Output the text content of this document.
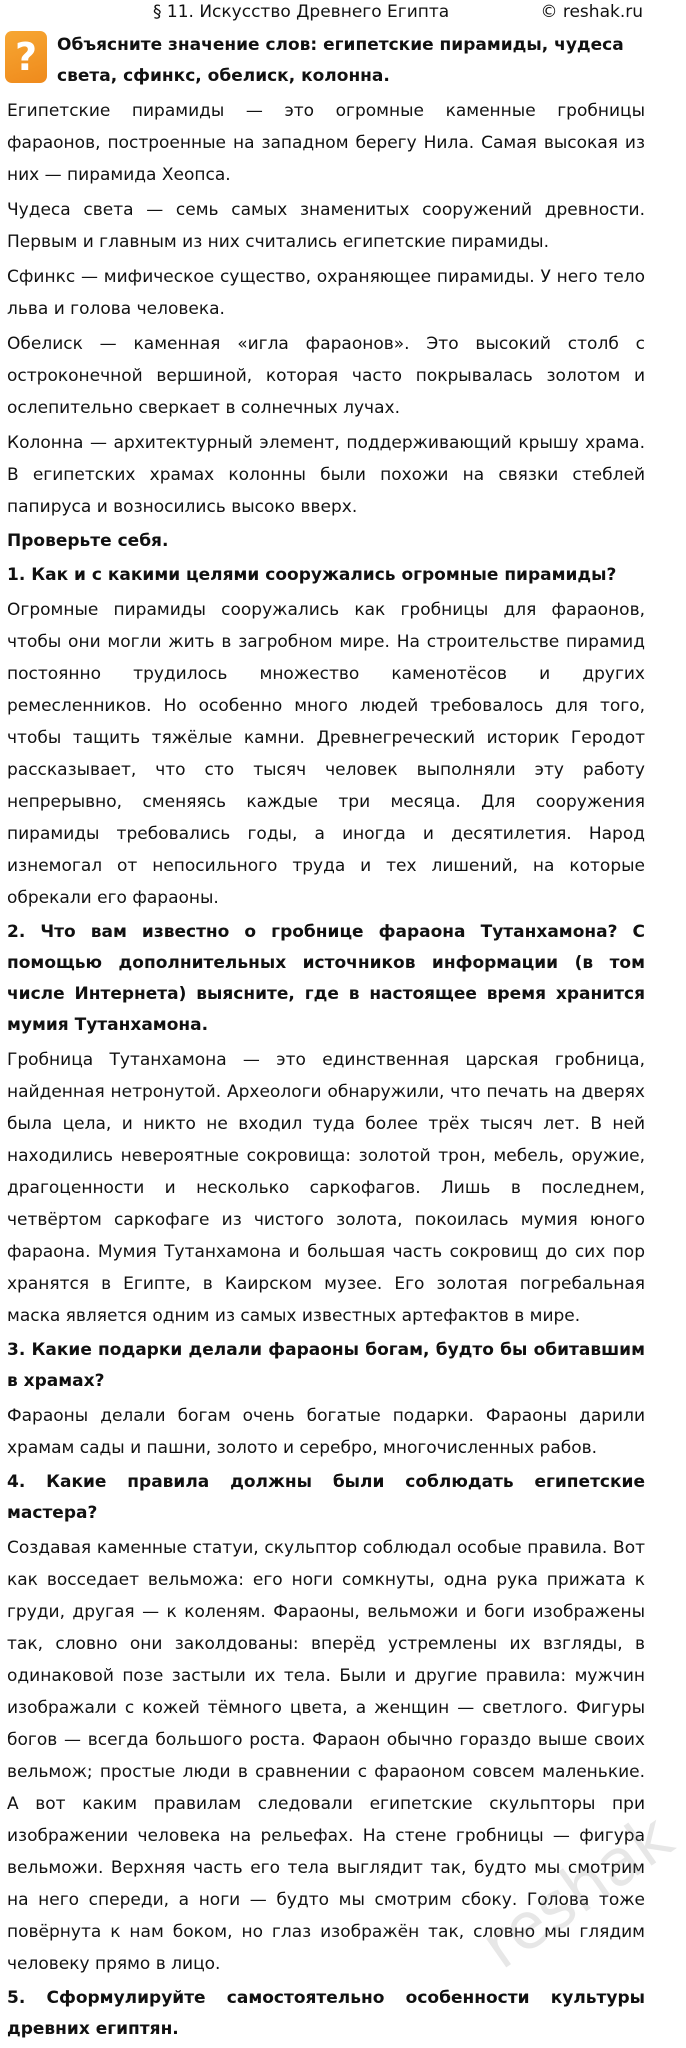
§ 11. Искусство Древнего Египта	© reshak.ru
? Объясните значение слов: египетские пирамиды, чудеса света, сфинкс, обелиск, колонна.
Египетские пирамиды — это огромные каменные гробницы фараонов, построенные на западном берегу Нила. Самая высокая из них — пирамида Хеопса.
Чудеса света — семь самых знаменитых сооружений древности. Первым и главным из них считались египетские пирамиды.
Сфинкс — мифическое существо, охраняющее пирамиды. У него тело льва и голова человека.
Обелиск — каменная «игла фараонов». Это высокий столб с остроконечной вершиной, которая часто покрывалась золотом и ослепительно сверкает в солнечных лучах.
Колонна — архитектурный элемент, поддерживающий крышу храма. В египетских храмах колонны были похожи на связки стеблей папируса и возносились высоко вверх.
Проверьте себя.
1. Как и с какими целями сооружались огромные пирамиды?
Огромные пирамиды сооружались как гробницы для фараонов, чтобы они могли жить в загробном мире. На строительстве пирамид постоянно трудилось множество каменотёсов и других ремесленников. Но особенно много людей требовалось для того, чтобы тащить тяжёлые камни. Древнегреческий историк Геродот рассказывает, что сто тысяч человек выполняли эту работу непрерывно, сменяясь каждые три месяца. Для сооружения пирамиды требовались годы, а иногда и десятилетия. Народ изнемогал от непосильного труда и тех лишений, на которые обрекали его фараоны.
2. Что вам известно о гробнице фараона Тутанхамона? С помощью дополнительных источников информации (в том числе Интернета) выясните, где в настоящее время хранится мумия Тутанхамона.
Гробница Тутанхамона — это единственная царская гробница, найденная нетронутой. Археологи обнаружили, что печать на дверях была цела, и никто не входил туда более трёх тысяч лет. В ней находились невероятные сокровища: золотой трон, мебель, оружие, драгоценности и несколько саркофагов. Лишь в последнем, четвёртом саркофаге из чистого золота, покоилась мумия юного фараона. Мумия Тутанхамона и большая часть сокровищ до сих пор хранятся в Египте, в Каирском музее. Его золотая погребальная маска является одним из самых известных артефактов в мире.
3. Какие подарки делали фараоны богам, будто бы обитавшим в храмах?
Фараоны делали богам очень богатые подарки. Фараоны дарили храмам сады и пашни, золото и серебро, многочисленных рабов.
4. Какие правила должны были соблюдать египетские мастера?
Создавая каменные статуи, скульптор соблюдал особые правила. Вот как восседает вельможа: его ноги сомкнуты, одна рука прижата к груди, другая — к коленям. Фараоны, вельможи и боги изображены так, словно они заколдованы: вперёд устремлены их взгляды, в одинаковой позе застыли их тела. Были и другие правила: мужчин изображали с кожей тёмного цвета, а женщин — светлого. Фигуры богов — всегда большого роста. Фараон обычно гораздо выше своих вельмож; простые люди в сравнении с фараоном совсем маленькие. А вот каким правилам следовали египетские скульпторы при изображении человека на рельефах. На стене гробницы — фигура вельможи. Верхняя часть его тела выглядит так, будто мы смотрим на него спереди, а ноги — будто мы смотрим сбоку. Голова тоже повёрнута к нам боком, но глаз изображён так, словно мы глядим человеку прямо в лицо.
5. Сформулируйте самостоятельно особенности культуры древних египтян.
reshak
